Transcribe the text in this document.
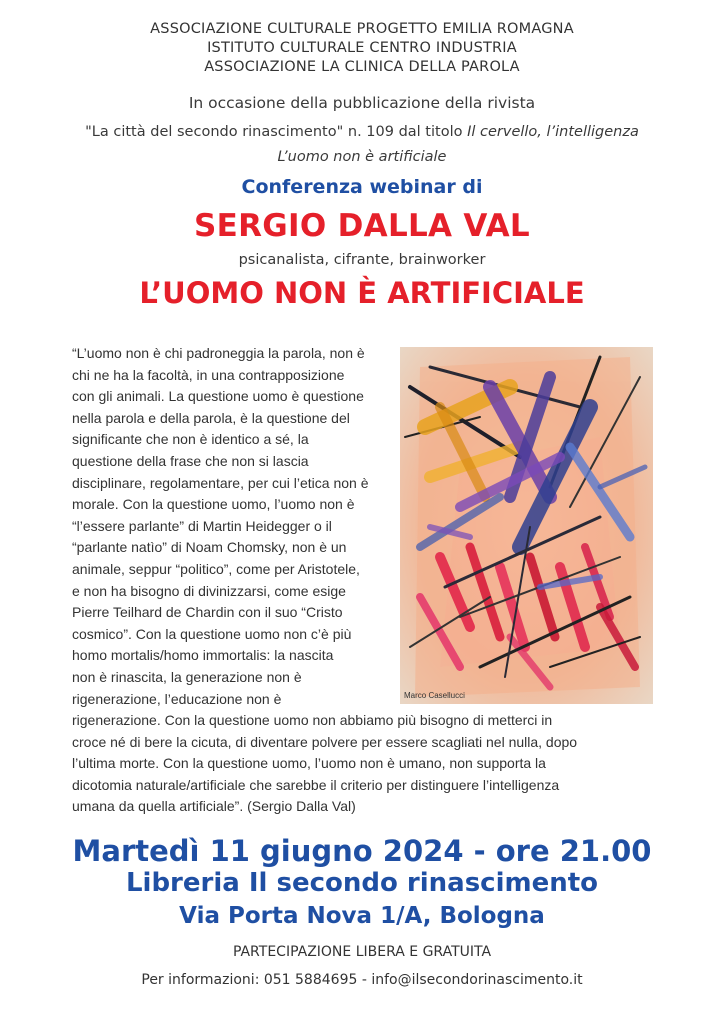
ASSOCIAZIONE CULTURALE PROGETTO EMILIA ROMAGNA
ISTITUTO CULTURALE CENTRO INDUSTRIA
ASSOCIAZIONE LA CLINICA DELLA PAROLA
In occasione della pubblicazione della rivista
"La città del secondo rinascimento" n. 109 dal titolo Il cervello, l’intelligenza
L’uomo non è artificiale
Conferenza webinar di
SERGIO DALLA VAL
psicanalista, cifrante, brainworker
L’UOMO NON È ARTIFICIALE
“L’uomo non è chi padroneggia la parola, non è
chi ne ha la facoltà, in una contrapposizione
con gli animali. La questione uomo è questione
nella parola e della parola, è la questione del
significante che non è identico a sé, la
questione della frase che non si lascia
disciplinare, regolamentare, per cui l’etica non è
morale. Con la questione uomo, l’uomo non è
“l’essere parlante” di Martin Heidegger o il
“parlante natìo” di Noam Chomsky, non è un
animale, seppur “politico”, come per Aristotele,
e non ha bisogno di divinizzarsi, come esige
Pierre Teilhard de Chardin con il suo “Cristo
cosmico”. Con la questione uomo non c’è più
homo mortalis/homo immortalis: la nascita
non è rinascita, la generazione non è
rigenerazione, l’educazione non è	Marco Casellucci
rigenerazione. Con la questione uomo non abbiamo più bisogno di metterci in
croce né di bere la cicuta, di diventare polvere per essere scagliati nel nulla, dopo
l’ultima morte. Con la questione uomo, l’uomo non è umano, non supporta la
dicotomia naturale/artificiale che sarebbe il criterio per distinguere l’intelligenza
umana da quella artificiale”. (Sergio Dalla Val)
Martedì 11 giugno 2024 - ore 21.00
Libreria Il secondo rinascimento
Via Porta Nova 1/A, Bologna
PARTECIPAZIONE LIBERA E GRATUITA
Per informazioni: 051 5884695 - info@ilsecondorinascimento.it
